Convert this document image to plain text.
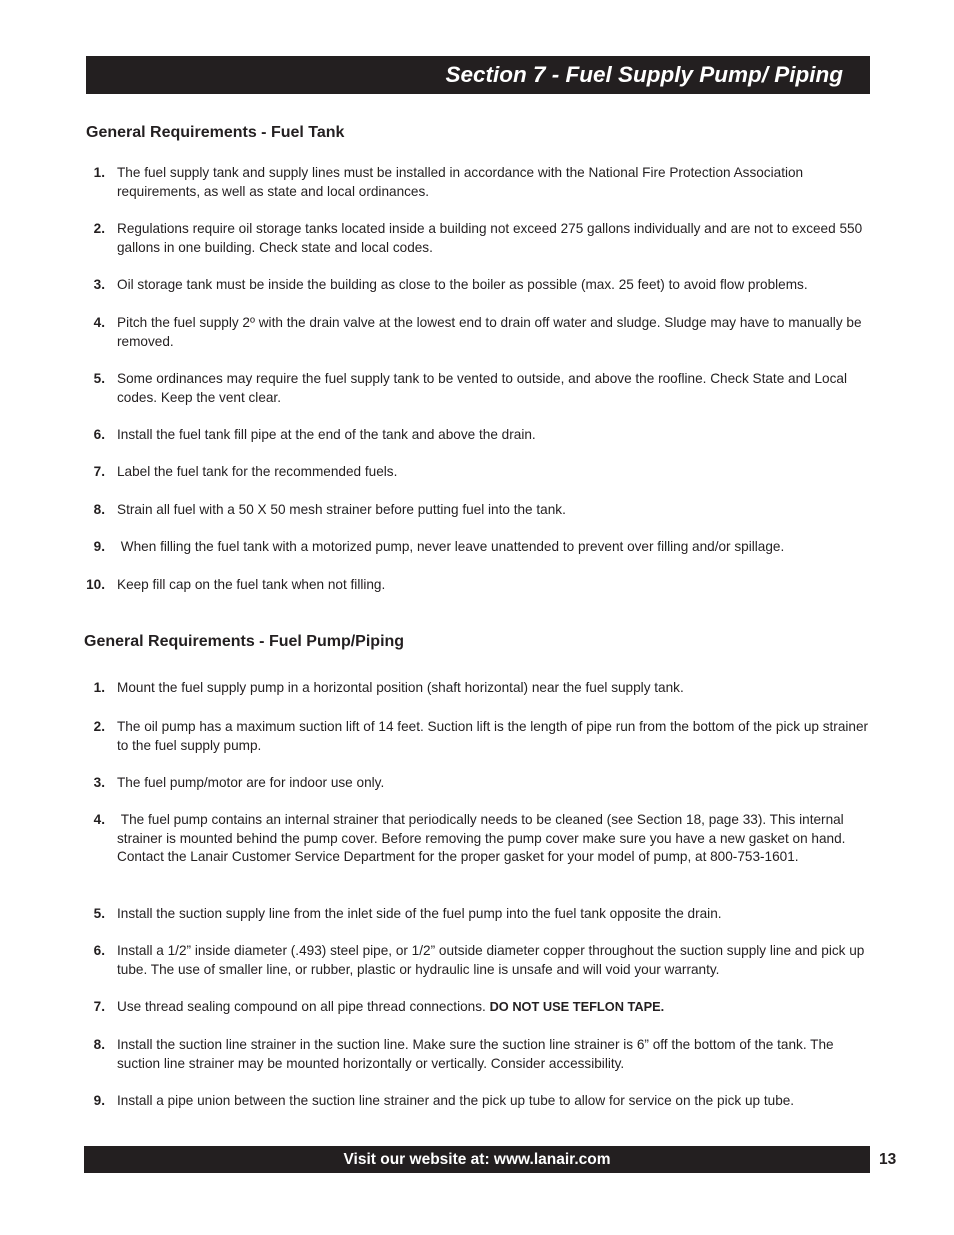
Section 7 - Fuel Supply Pump/ Piping
General Requirements - Fuel Tank
1. The fuel supply tank and supply lines must be installed in accordance with the National Fire Protection Association requirements, as well as state and local ordinances.
2. Regulations require oil storage tanks located inside a building not exceed 275 gallons individually and are not to exceed 550 gallons in one building. Check state and local codes.
3. Oil storage tank must be inside the building as close to the boiler as possible (max. 25 feet) to avoid flow problems.
4. Pitch the fuel supply 2º with the drain valve at the lowest end to drain off water and sludge. Sludge may have to manually be removed.
5. Some ordinances may require the fuel supply tank to be vented to outside, and above the roofline. Check State and Local codes. Keep the vent clear.
6. Install the fuel tank fill pipe at the end of the tank and above the drain.
7. Label the fuel tank for the recommended fuels.
8. Strain all fuel with a 50 X 50 mesh strainer before putting fuel into the tank.
9. When filling the fuel tank with a motorized pump, never leave unattended to prevent over filling and/or spillage.
10. Keep fill cap on the fuel tank when not filling.
General Requirements - Fuel Pump/Piping
1. Mount the fuel supply pump in a horizontal position (shaft horizontal) near the fuel supply tank.
2. The oil pump has a maximum suction lift of 14 feet. Suction lift is the length of pipe run from the bottom of the pick up strainer to the fuel supply pump.
3. The fuel pump/motor are for indoor use only.
4. The fuel pump contains an internal strainer that periodically needs to be cleaned (see Section 18, page 33). This internal strainer is mounted behind the pump cover. Before removing the pump cover make sure you have a new gasket on hand. Contact the Lanair Customer Service Department for the proper gasket for your model of pump, at 800-753-1601.
5. Install the suction supply line from the inlet side of the fuel pump into the fuel tank opposite the drain.
6. Install a 1/2” inside diameter (.493) steel pipe, or 1/2” outside diameter copper throughout the suction supply line and pick up tube. The use of smaller line, or rubber, plastic or hydraulic line is unsafe and will void your warranty.
7. Use thread sealing compound on all pipe thread connections. DO NOT USE TEFLON TAPE.
8. Install the suction line strainer in the suction line. Make sure the suction line strainer is 6” off the bottom of the tank. The suction line strainer may be mounted horizontally or vertically. Consider accessibility.
9. Install a pipe union between the suction line strainer and the pick up tube to allow for service on the pick up tube.
Visit our website at: www.lanair.com	13
